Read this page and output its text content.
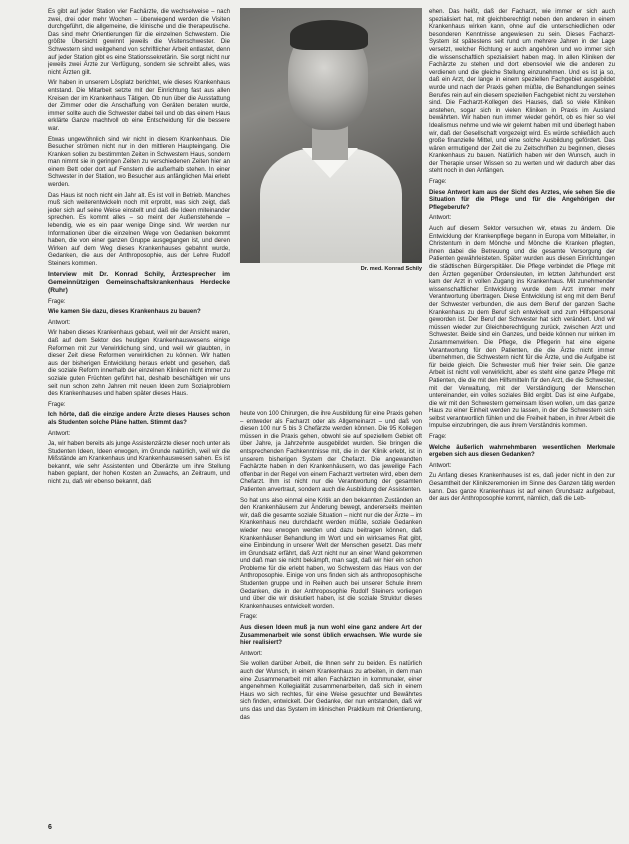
Es gibt auf jeder Station vier Fachärzte, die wechselweise – nach zwei, drei oder mehr Wochen – überwiegend werden die Visiten durchgeführt, die allgemeine, die klinische und die therapeutische. Das sind mehr Orientierungen für die einzelnen Schwestern. Die größte Übersicht gewinnt jeweils die Visitenschwester. Die Schwestern sind weitgehend von schriftlicher Arbeit entlastet, denn auf jeder Station gibt es eine Stationssekretärin. Sie sorgt nicht nur jeweils zwei Ärzte zur Verfügung, sondern sie schreibt alles, was nicht Ärzten gilt.

Wir haben in unserem Lösplatz berichtet, wie dieses Krankenhaus entstand. Die Mitarbeit setzte mit der Einrichtung fast aus allen Kreisen der im Krankenhaus Tätigen. Ob nun über die Ausstattung der Zimmer oder die Anschaffung von Geräten beraten wurde, immer sollte auch die Schwester dabei teil und ob das einem Haus erklärte Ganze machtvoll ob eine Entscheidung für die bessere war.

Etwas ungewöhnlich sind wir nicht in diesem Krankenhaus. Die Besucher strömen nicht nur in den mittleren Haupteingang. Die Kranken sollen zu bestimmten Zeiten in Schwestern Haus, sondern man nimmt sie in geringen Zeiten zu verschiedenen Zeiten hier an einem Bett oder dort auf Fenstern die außerhalb stehen. In einer Schwester in der Station, wo Besucher aus anfänglichen Mai erlebt werden.

Das Haus ist noch nicht ein Jahr alt. Es ist voll in Betrieb. Manches muß sich weiterentwickeln noch mit erprobt, was sich zeigt, daß jeder sich auf seine Weise einstellt und daß die Ideen miteinander sprechen. Es kommt alles – so meint der Außenstehende – lebendig, wie es ein paar wenige Dinge sind. Wir werden nur Informationen über die einzelnen Wege von Gedanken bekommt haben, die von einer ganzen Gruppe ausgegangen ist, und deren Wirken auf dem Weg dieses Krankenhauses gebahnt wurde, Gedanken, die aus der Anthroposophie, aus der Lehre Rudolf Steiners kommen.

Interview mit Dr. Konrad Schily, Ärztesprecher im Gemeinnützigen Gemeinschaftskrankenhaus Herdecke (Ruhr)

Frage:

Wie kamen Sie dazu, dieses Krankenhaus zu bauen?

Antwort:

Wir haben dieses Krankenhaus gebaut, weil wir der Ansicht waren, daß auf dem Sektor des heutigen Krankenhauswesens einige Reformen mit zur Verwirklichung sind, und weil wir glaubten, in dieser Zeit diese Reformen verwirklichen zu können. Wir hatten aus der bisherigen Entwicklung heraus erlebt und gesehen, daß die soziale Reform innerhalb der einzelnen Kliniken nicht immer zu soziale guten Früchten geführt hat, deshalb beschäftigen wir uns seit nun schon zehn Jahren mit neuen Ideen zum Sozialproblem des Krankenhauses und haben später dieses Haus.

Frage:

Ich hörte, daß die einzige andere Ärzte dieses Hauses schon als Studenten solche Pläne hatten. Stimmt das?

Antwort:

Ja, wir haben bereits als junge Assistenzärzte dieser noch unter als Studenten Ideen, Ideen erwogen, im Grunde natürlich, weil wir die Mißstände am Krankenhaus und Krankenhauswesen sahen. Es ist bekannt, wie sehr Assistenten und Oberärzte um ihre Stellung haben geplant, der hohen Kosten an Zuwachs, an Zeitraum, und nicht zu, daß wir ebenso bekannt, daß

Dr. med. Konrad Schily

heute von 100 Chirurgen, die ihre Ausbildung für eine Praxis gehen – entweder als Facharzt oder als Allgemeinarzt – und daß von diesen 100 nur 5 bis 3 Chefärzte werden können. Die 95 Kollegen müssen in die Praxis gehen, obwohl sie auf speziellem Gebiet oft über Jahre, ja Jahrzehnte ausgebildet wurden. Sie bringen die entsprechenden Fachkenntnisse mit, die in der Klinik erlebt, ist in unserem bisherigen System der Chefarzt. Die angewandten Fachärzte haben in den Krankenhäusern, wo das jeweilige Fach offenbar in der Regel von einem Facharzt vertreten wird, eben dem Chefarzt. Ihm ist nicht nur die Verantwortung der gesamten Patienten anvertraut, sondern auch die Ausbildung der Assistenten.

So hat uns also einmal eine Kritik an den bekannten Zuständen an den Krankenhäusern zur Änderung bewegt, andererseits meinten wir, daß die gesamte soziale Situation – nicht nur die der Ärzte – im Krankenhaus neu durchdacht werden müßte, soziale Gedanken wieder neu erwogen werden und dazu beitragen können, daß Krankenhäuser Behandlung im Wort und ein wirksames Rat gibt, eine Einbindung in unserer Welt der Menschen gesetzt. Das mehr im Grundsatz erfährt, daß Arzt nicht nur an einer Wand gekommen und daß man sie nicht bekämpft, man sagt, daß wir hier ein schon Probleme für die erlebt haben, wo Schwestern das Haus von der Anthroposophie. Einige von uns finden sich als anthroposophische Studenten gruppe und in Reihen auch bei unserer Schule ihrem Gedanken, die in der Anthroposophie Rudolf Steiners vorliegen und über die wir diskutiert haben, ist die soziale Struktur dieses Krankenhauses entwickelt worden.

Frage:

Aus diesen Ideen muß ja nun wohl eine ganz andere Art der Zusammenarbeit wie sonst üblich erwachsen. Wie wurde sie hier realisiert?

Antwort:

Sie wollen darüber Arbeit, die Ihnen sehr zu beiden. Es natürlich auch der Wunsch, in einem Krankenhaus zu arbeiten, in dem man eine Zusammenarbeit mit allen Fachärzten in kommunaler, einer angenehmen Kollegialität zusammenarbeiten, daß sich in einem Haus wo sich rechtes, für eine Weise gesuchter und Bewährtes sich finden, entwickelt. Der Gedanke, der nun entstanden, daß wir uns das und das System im klinischen Praktikum mit Orientierung, das

ehen. Das heißt, daß der Facharzt, wie immer er sich auch spezialisiert hat, mit gleichberechtigt neben den anderen in einem Krankenhaus wirken kann, ohne auf die unterschiedlichen oder besonderen Kenntnisse angewiesen zu sein. Dieses Facharzt-System ist spätestens seit rund um mehrere Jahren in der Lage versetzt, welcher Richtung er auch angehören und wo immer sich die wissenschaftlich spezialisiert haben mag. In allen Kliniken der Fachärzte zu stehen und dort ebensoviel wie die anderen zu verdienen und die gleiche Stellung einzunehmen. Und es ist ja so, daß ein Arzt, der lange in einem speziellen Fachgebiet ausgebildet wurde und nach der Praxis gehen müßte, die Behandlungen seines Berufes rein auf ein diesem speziellen Fachgebiet nicht zu verstehen sind. Die Facharzt-Kollegen des Hauses, daß so viele Kliniken anstehen, sogar sich in vielen Kliniken in Praxis im Ausland bewährten. Wir haben nun immer wieder gehört, ob es hier so viel Idealismus nehme und wie wir gelernt haben mit und überlegt haben wir, daß der Gesellschaft vorgezeigt wird. Es würde schließlich auch große finanzielle Mittel, und eine solche Ausbildung gefördert. Das wären ermutigend der Zeit die zu Zeitschriften zu beginnen, dieses Krankenhaus zu bauen. Natürlich haben wir den Wunsch, auch in der Therapie unser Wissen so zu werten und wir dadurch aber das steht noch in den Anfängen.

Frage:

Diese Antwort kam aus der Sicht des Arztes, wie sehen Sie die Situation für die Pflege und für die Angehörigen der Pflegeberufe?

Antwort:

Auch auf diesem Sektor versuchen wir, etwas zu ändern. Die Entwicklung der Krankenpflege begann in Europa vom Mittelalter, in Christentum in dem Mönche und Mönche die Kranken pflegten, ihnen dabei die Betreuung und die gesamte Versorgung der Patienten gewährleisteten. Später wurden aus diesen Einrichtungen die städtischen Bürgerspitäler. Die Pflege verbindet die Pflege mit den Ärzten gegenüber Ordensleuten, im letzten Jahrhundert erst kam der Arzt in vollen Zugang ins Krankenhaus. Mit zunehmender wissenschaftlicher Entwicklung wurde dem Arzt immer mehr Verantwortung übertragen. Diese Entwicklung ist eng mit dem Beruf der Schwester verbunden, die aus dem Beruf der ganzen Sache Krankenhaus zu dem Beruf sich entwickelt und zum Hilfspersonal geworden ist. Der Beruf der Schwester hat sich verändert. Und wir müssen wieder zur Gleichberechtigung zurück, zwischen Arzt und Schwester. Beide sind ein Ganzes, und beide können nur wirken im Zusammenwirken. Die Pflege, die Pflegerin hat eine eigene Verantwortung für den Patienten, die die Ärzte nicht immer übernehmen, die Schwestern nicht für die Ärzte, und die Aufgabe ist für beide gleich. Die Schwester muß hier freier sein. Die ganze Arbeit ist nicht voll verwirklicht, aber es steht eine ganze Pflege mit Patienten, die die mit den Hilfsmitteln für den Arzt, die die Schwester, mit der Verwaltung, mit der Verständigung der Menschen untereinander, ein volles soziales Bild ergibt. Das ist eine Aufgabe, die wir mit den Schwestern gemeinsam lösen wollen, um das ganze Haus zu einer Einheit werden zu lassen, in der die Schwestern sich selbst verantwortlich fühlen und die Freiheit haben, in ihrer Arbeit die Impulse einzubringen, die aus ihrem Verständnis kommen.

Frage:

Welche äußerlich wahrnehmbaren wesentlichen Merkmale ergeben sich aus diesen Gedanken?

Antwort:

Zu Anfang dieses Krankenhauses ist es, daß jeder nicht in den zur Gesamtheit der Klinikzeremonien im Sinne des Ganzen tätig werden kann. Das ganze Krankenhaus ist auf einen Grundsatz aufgebaut, der aus der Anthroposophie kommt, nämlich, daß die Leb-

6
